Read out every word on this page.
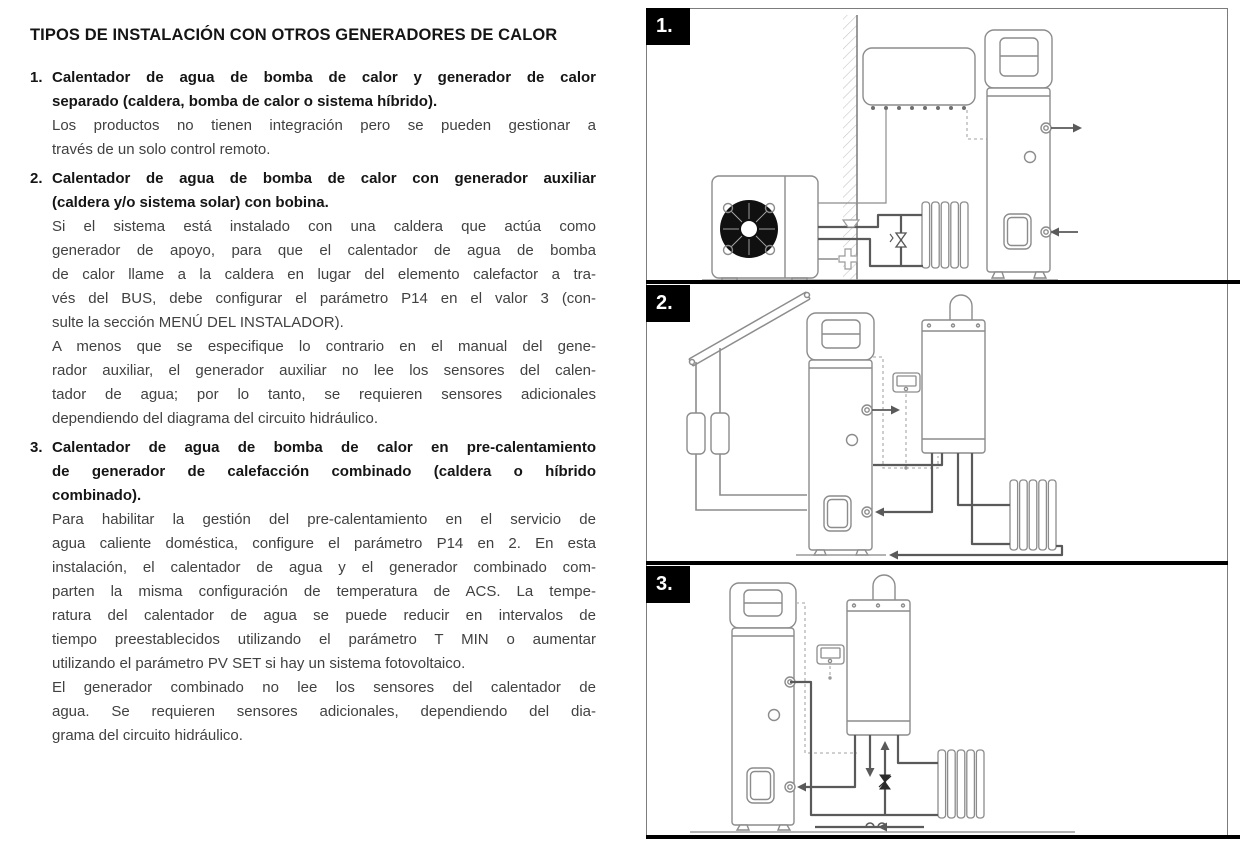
TIPOS DE INSTALACIÓN CON OTROS GENERADORES DE CALOR
1. Calentador de agua de bomba de calor y generador de calor
separado (caldera, bomba de calor o sistema híbrido).
Los productos no tienen integración pero se pueden gestionar a
través de un solo control remoto.
2. Calentador de agua de bomba de calor con generador auxiliar
(caldera y/o sistema solar) con bobina.
Si el sistema está instalado con una caldera que actúa como
generador de apoyo, para que el calentador de agua de bomba
de calor llame a la caldera en lugar del elemento calefactor a tra-
vés del BUS, debe configurar el parámetro P14 en el valor 3 (con-
sulte la sección MENÚ DEL INSTALADOR).
A menos que se especifique lo contrario en el manual del gene-
rador auxiliar, el generador auxiliar no lee los sensores del calen-
tador de agua; por lo tanto, se requieren sensores adicionales
dependiendo del diagrama del circuito hidráulico.
3. Calentador de agua de bomba de calor en pre-calentamiento
de generador de calefacción combinado (caldera o híbrido
combinado).
Para habilitar la gestión del pre-calentamiento en el servicio de
agua caliente doméstica, configure el parámetro P14 en 2. En esta
instalación, el calentador de agua y el generador combinado com-
parten la misma configuración de temperatura de ACS. La tempe-
ratura del calentador de agua se puede reducir en intervalos de
tiempo preestablecidos utilizando el parámetro T MIN o aumentar
utilizando el parámetro PV SET si hay un sistema fotovoltaico.
El generador combinado no lee los sensores del calentador de
agua. Se requieren sensores adicionales, dependiendo del dia-
grama del circuito hidráulico.
1.
2.
3.
